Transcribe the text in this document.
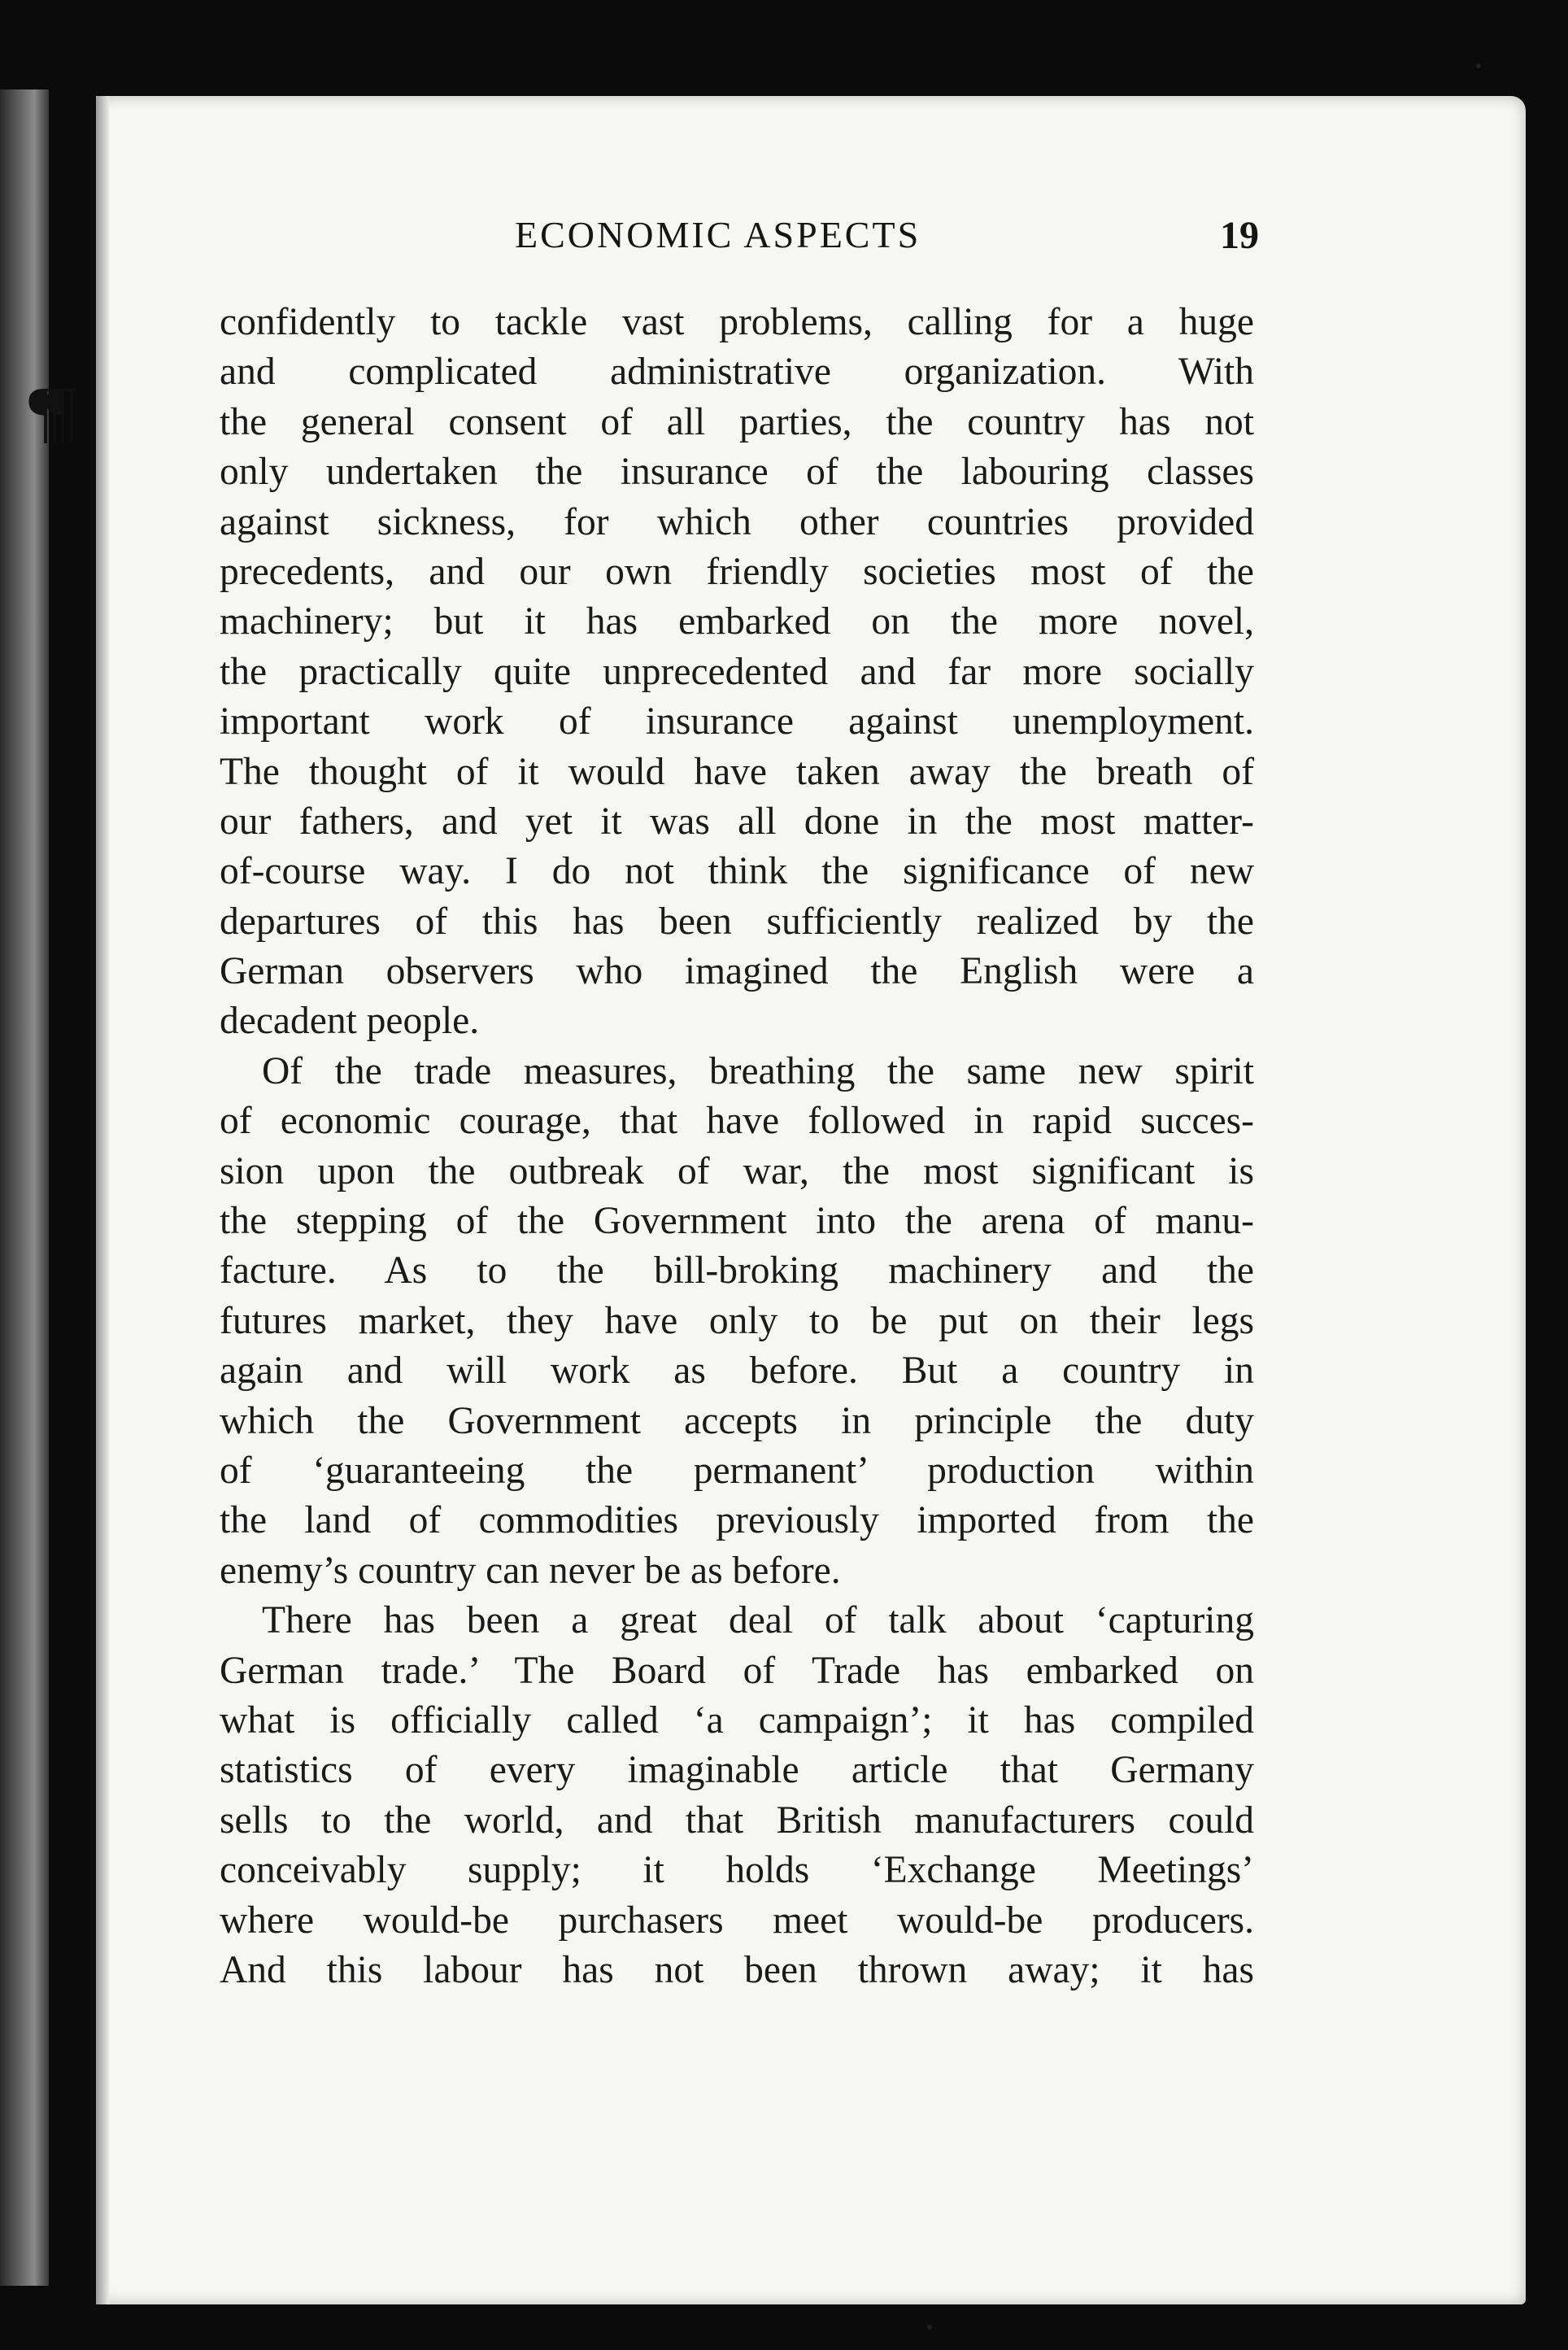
¶¶
ECONOMIC ASPECTS	19
confidently to tackle vast problems, calling for a huge
and complicated administrative organization. With
the general consent of all parties, the country has not
only undertaken the insurance of the labouring classes
against sickness, for which other countries provided
precedents, and our own friendly societies most of the
machinery; but it has embarked on the more novel,
the practically quite unprecedented and far more socially
important work of insurance against unemployment.
The thought of it would have taken away the breath of
our fathers, and yet it was all done in the most matter-
of-course way. I do not think the significance of new
departures of this has been sufficiently realized by the
German observers who imagined the English were a
decadent people.
Of the trade measures, breathing the same new spirit
of economic courage, that have followed in rapid succes-
sion upon the outbreak of war, the most significant is
the stepping of the Government into the arena of manu-
facture. As to the bill-broking machinery and the
futures market, they have only to be put on their legs
again and will work as before. But a country in
which the Government accepts in principle the duty
of ‘guaranteeing the permanent’ production within
the land of commodities previously imported from the
enemy’s country can never be as before.
There has been a great deal of talk about ‘capturing
German trade.’ The Board of Trade has embarked on
what is officially called ‘a campaign’; it has compiled
statistics of every imaginable article that Germany
sells to the world, and that British manufacturers could
conceivably supply; it holds ‘Exchange Meetings’
where would-be purchasers meet would-be producers.
And this labour has not been thrown away; it has
